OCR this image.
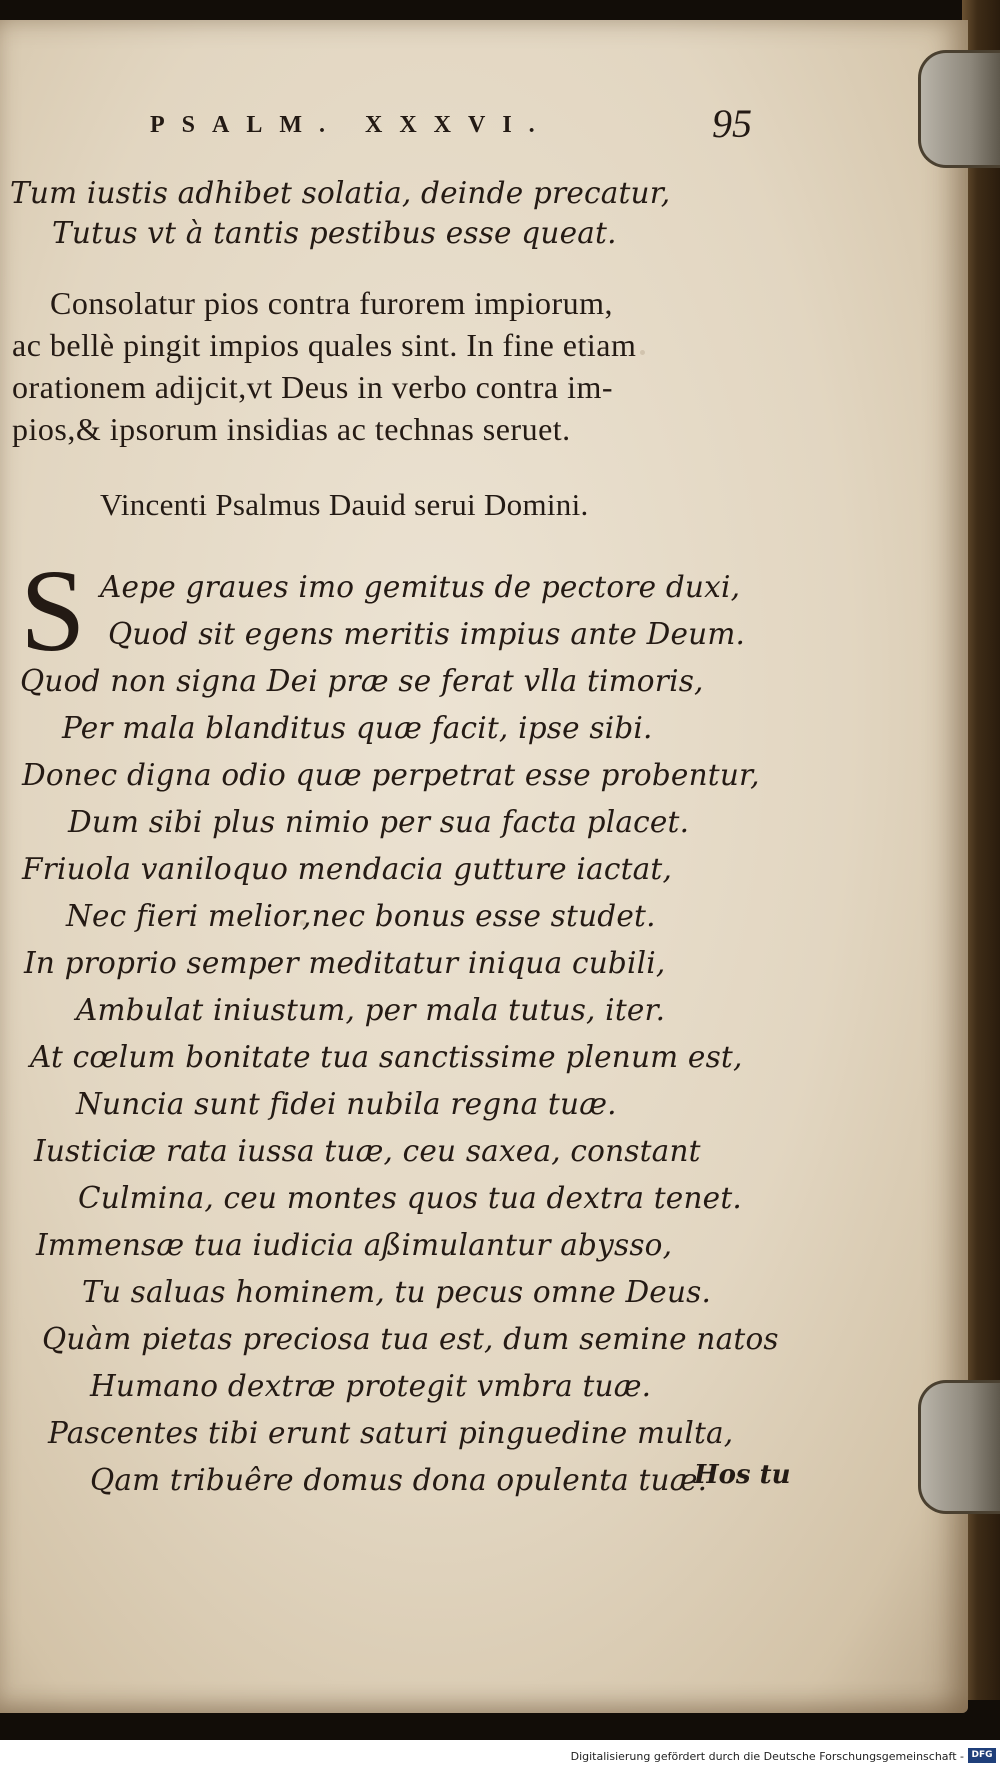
PSALM. XXXVI.	95
Tum iustis adhibet solatia, deinde precatur,
Tutus vt à tantis pestibus esse queat.
Consolatur pios contra furorem impiorum,
ac bellè pingit impios quales sint. In fine etiam
orationem adijcit,vt Deus in verbo contra im-
pios,& ipsorum insidias ac technas seruet.
Vincenti Psalmus Dauid serui Domini.
S Aepe graues imo gemitus de pectore duxi,
Quod sit egens meritis impius ante Deum.
Quod non signa Dei præ se ferat vlla timoris,
Per mala blanditus quæ facit, ipse sibi.
Donec digna odio quæ perpetrat esse probentur,
Dum sibi plus nimio per sua facta placet.
Friuola vaniloquo mendacia gutture iactat,
Nec fieri melior,nec bonus esse studet.
In proprio semper meditatur iniqua cubili,
Ambulat iniustum, per mala tutus, iter.
At cœlum bonitate tua sanctissime plenum est,
Nuncia sunt fidei nubila regna tuæ.
Iusticiæ rata iussa tuæ, ceu saxea, constant
Culmina, ceu montes quos tua dextra tenet.
Immensæ tua iudicia aßimulantur abysso,
Tu saluas hominem, tu pecus omne Deus.
Quàm pietas preciosa tua est, dum semine natos
Humano dextræ protegit vmbra tuæ.
Pascentes tibi erunt saturi pinguedine multa,
Qam tribuêre domus dona opulenta tuæ.
Hos tu
Digitalisierung gefördert durch die Deutsche Forschungsgemeinschaft - DFG
